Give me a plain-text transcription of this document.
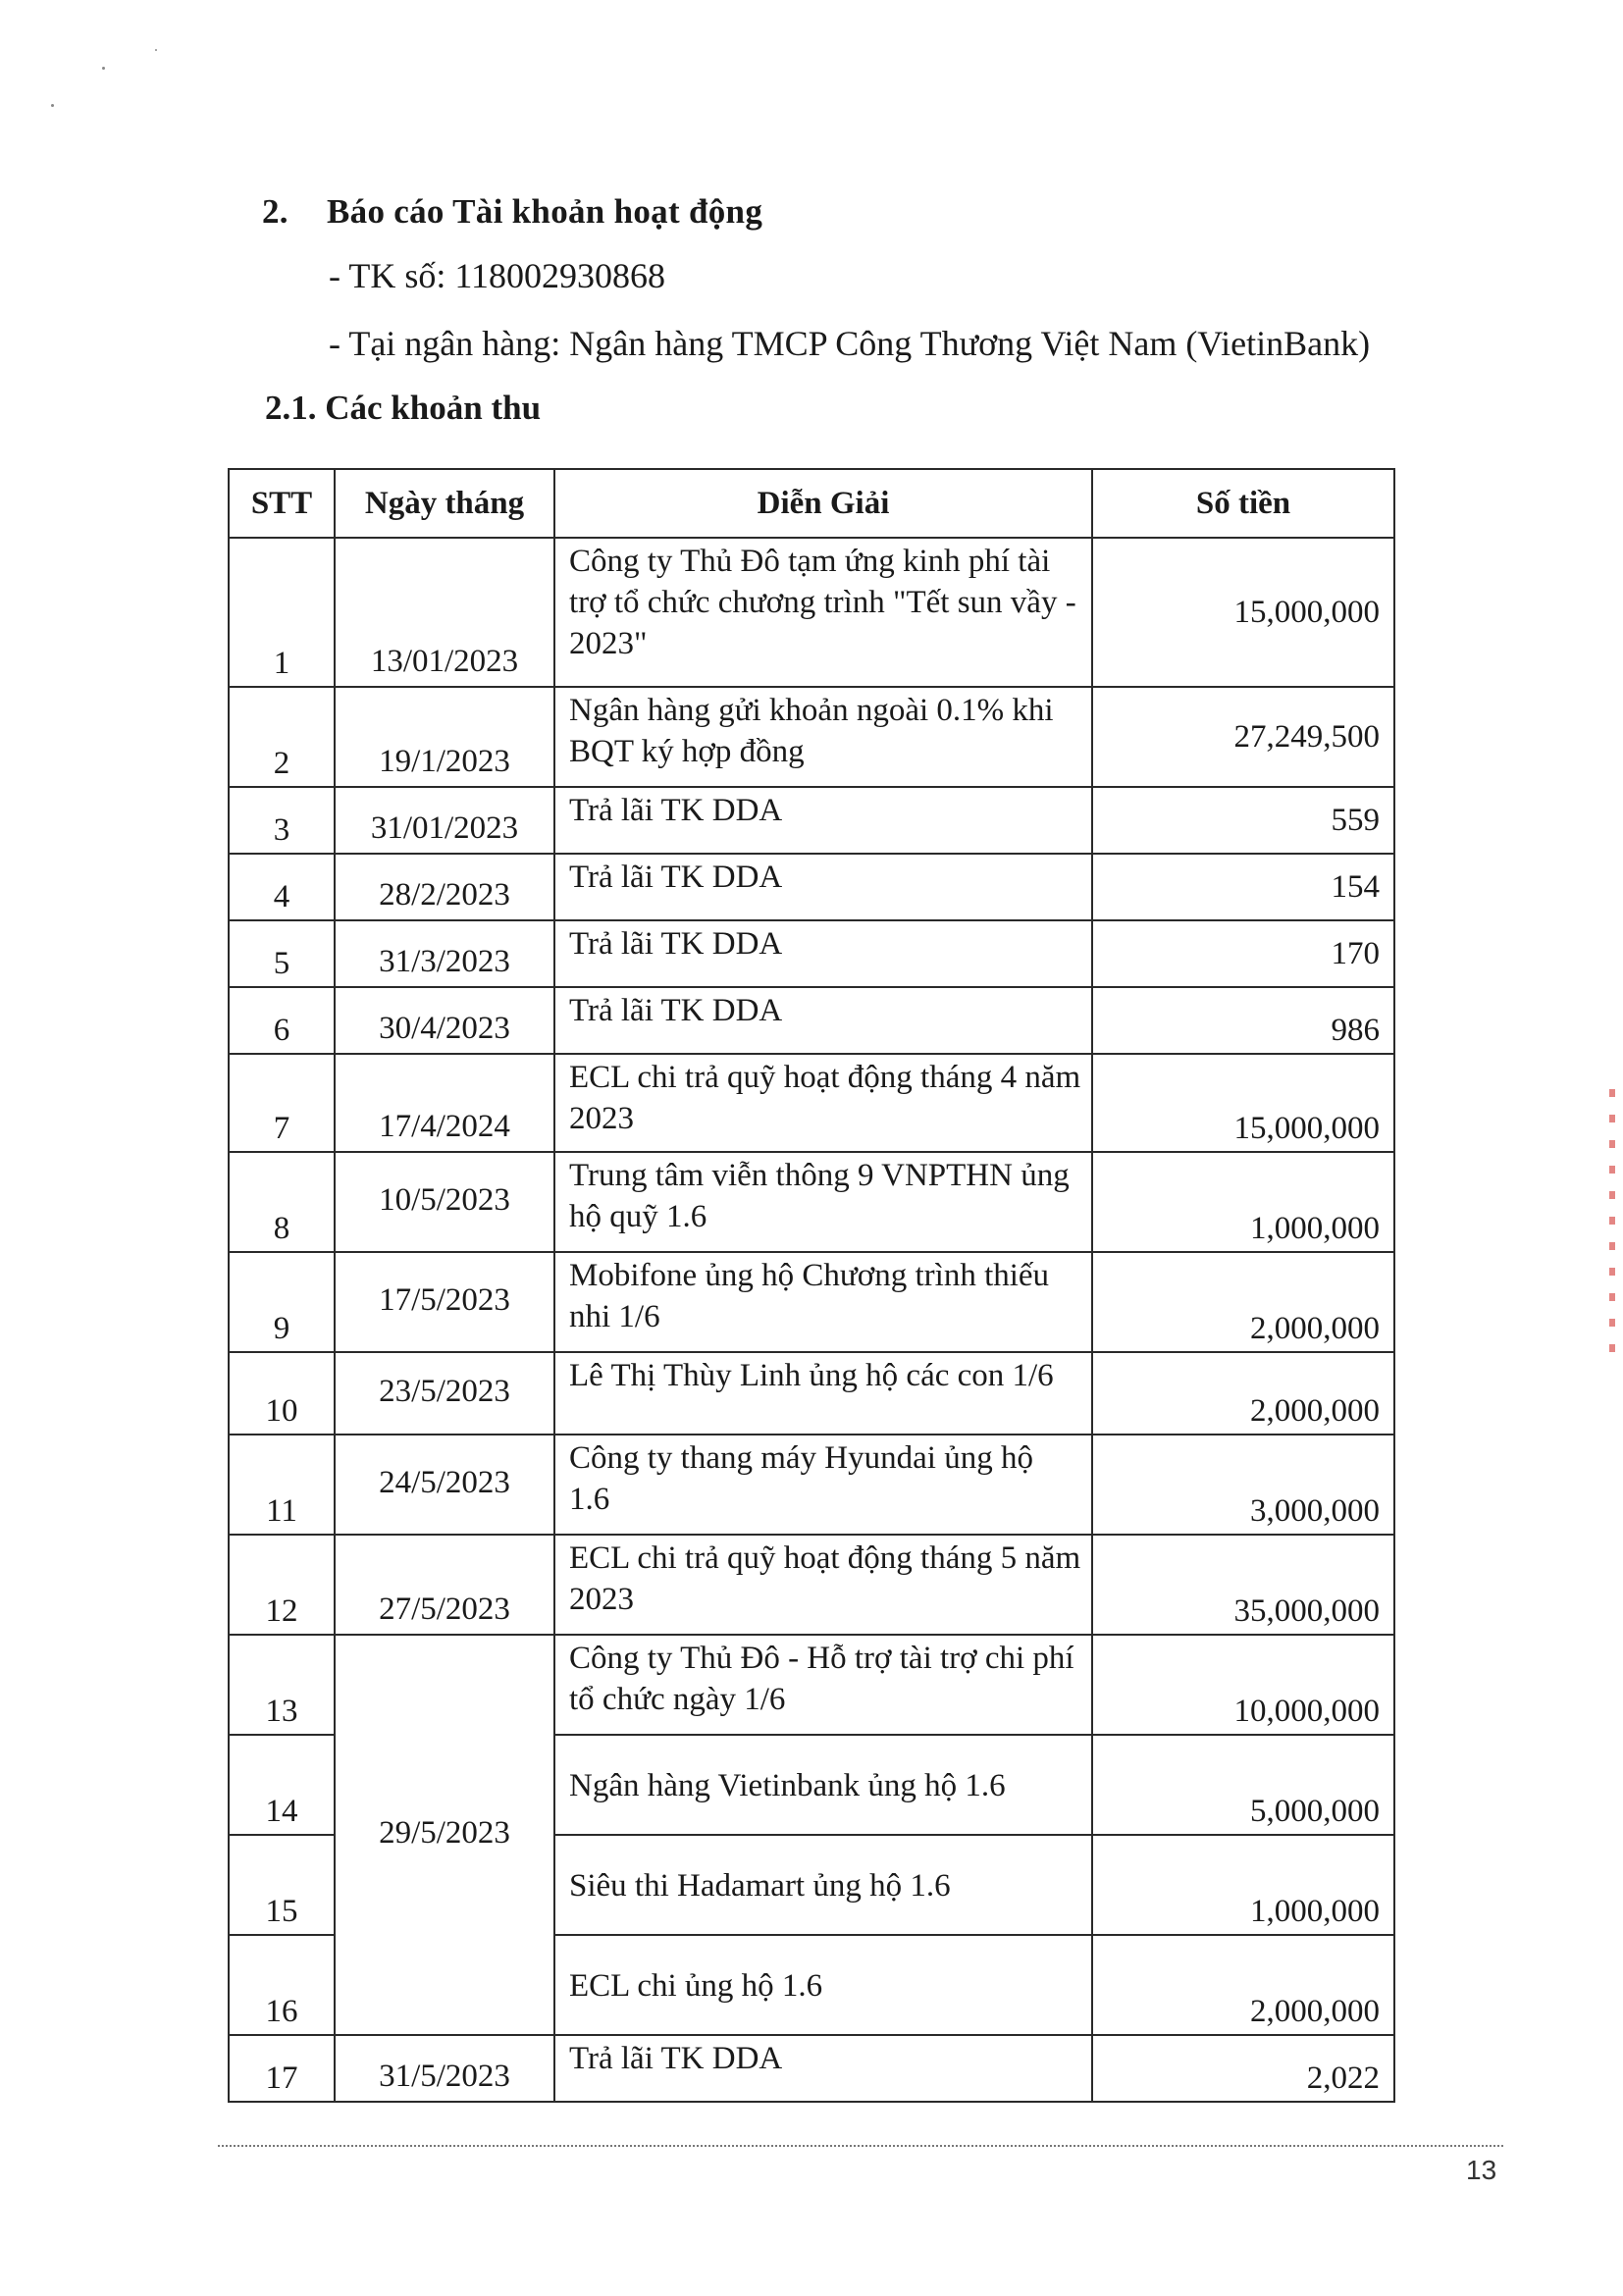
2. Báo cáo Tài khoản hoạt động
- TK số: 118002930868
- Tại ngân hàng: Ngân hàng TMCP Công Thương Việt Nam (VietinBank)
2.1. Các khoản thu
STT	Ngày tháng	Diễn Giải	Số tiền
1	13/01/2023	Công ty Thủ Đô tạm ứng kinh phí tài trợ tổ chức chương trình "Tết sun vầy - 2023"	15,000,000
2	19/1/2023	Ngân hàng gửi khoản ngoài 0.1% khi BQT ký hợp đồng	27,249,500
3	31/01/2023	Trả lãi TK DDA	559
4	28/2/2023	Trả lãi TK DDA	154
5	31/3/2023	Trả lãi TK DDA	170
6	30/4/2023	Trả lãi TK DDA	986
7	17/4/2024	ECL chi trả quỹ hoạt động tháng 4 năm 2023	15,000,000
8	10/5/2023	Trung tâm viễn thông 9 VNPTHN ủng hộ quỹ 1.6	1,000,000
9	17/5/2023	Mobifone ủng hộ Chương trình thiếu nhi 1/6	2,000,000
10	23/5/2023	Lê Thị Thùy Linh ủng hộ các con 1/6	2,000,000
11	24/5/2023	Công ty thang máy Hyundai ủng hộ 1.6	3,000,000
12	27/5/2023	ECL chi trả quỹ hoạt động tháng 5 năm 2023	35,000,000
13	29/5/2023	Công ty Thủ Đô - Hỗ trợ tài trợ chi phí tổ chức ngày 1/6	10,000,000
14		Ngân hàng Vietinbank ủng hộ 1.6	5,000,000
15		Siêu thi Hadamart ủng hộ 1.6	1,000,000
16		ECL chi ủng hộ 1.6	2,000,000
17	31/5/2023	Trả lãi TK DDA	2,022
13
